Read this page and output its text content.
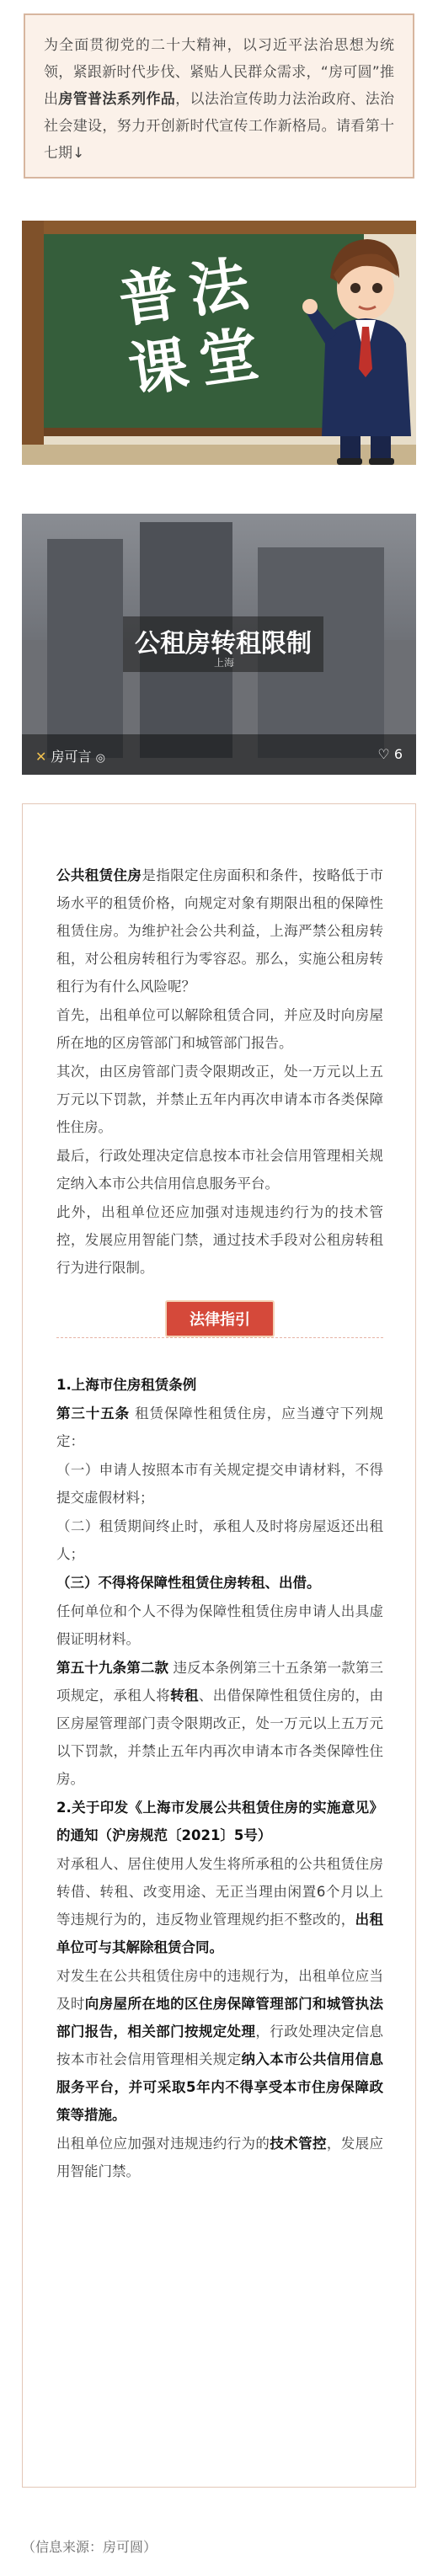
为全面贯彻党的二十大精神，以习近平法治思想为统领，紧跟新时代步伐、紧贴人民群众需求，“房可圆”推出房管普法系列作品，以法治宣传助力法治政府、法治社会建设，努力开创新时代宣传工作新格局。请看第十七期↓

普法
课堂
公租房转租限制
上海
✕ 房可言 ◎	♡ 6

公共租赁住房是指限定住房面积和条件，按略低于市场水平的租赁价格，向规定对象有期限出租的保障性租赁住房。为维护社会公共利益，上海严禁公租房转租，对公租房转租行为零容忍。那么，实施公租房转租行为有什么风险呢？

首先，出租单位可以解除租赁合同，并应及时向房屋所在地的区房管部门和城管部门报告。

其次，由区房管部门责令限期改正，处一万元以上五万元以下罚款，并禁止五年内再次申请本市各类保障性住房。

最后，行政处理决定信息按本市社会信用管理相关规定纳入本市公共信用信息服务平台。

此外，出租单位还应加强对违规违约行为的技术管控，发展应用智能门禁，通过技术手段对公租房转租行为进行限制。

法律指引

1.上海市住房租赁条例

第三十五条 租赁保障性租赁住房，应当遵守下列规定：

（一）申请人按照本市有关规定提交申请材料，不得提交虚假材料；

（二）租赁期间终止时，承租人及时将房屋返还出租人；

（三）不得将保障性租赁住房转租、出借。

任何单位和个人不得为保障性租赁住房申请人出具虚假证明材料。

第五十九条第二款 违反本条例第三十五条第一款第三项规定，承租人将转租、出借保障性租赁住房的，由区房屋管理部门责令限期改正，处一万元以上五万元以下罚款，并禁止五年内再次申请本市各类保障性住房。

2.关于印发《上海市发展公共租赁住房的实施意见》的通知（沪房规范〔2021〕5号）

对承租人、居住使用人发生将所承租的公共租赁住房转借、转租、改变用途、无正当理由闲置6个月以上等违规行为的，违反物业管理规约拒不整改的，出租单位可与其解除租赁合同。

对发生在公共租赁住房中的违规行为，出租单位应当及时向房屋所在地的区住房保障管理部门和城管执法部门报告，相关部门按规定处理，行政处理决定信息按本市社会信用管理相关规定纳入本市公共信用信息服务平台，并可采取5年内不得享受本市住房保障政策等措施。

出租单位应加强对违规违约行为的技术管控，发展应用智能门禁。

（信息来源：房可圆）
